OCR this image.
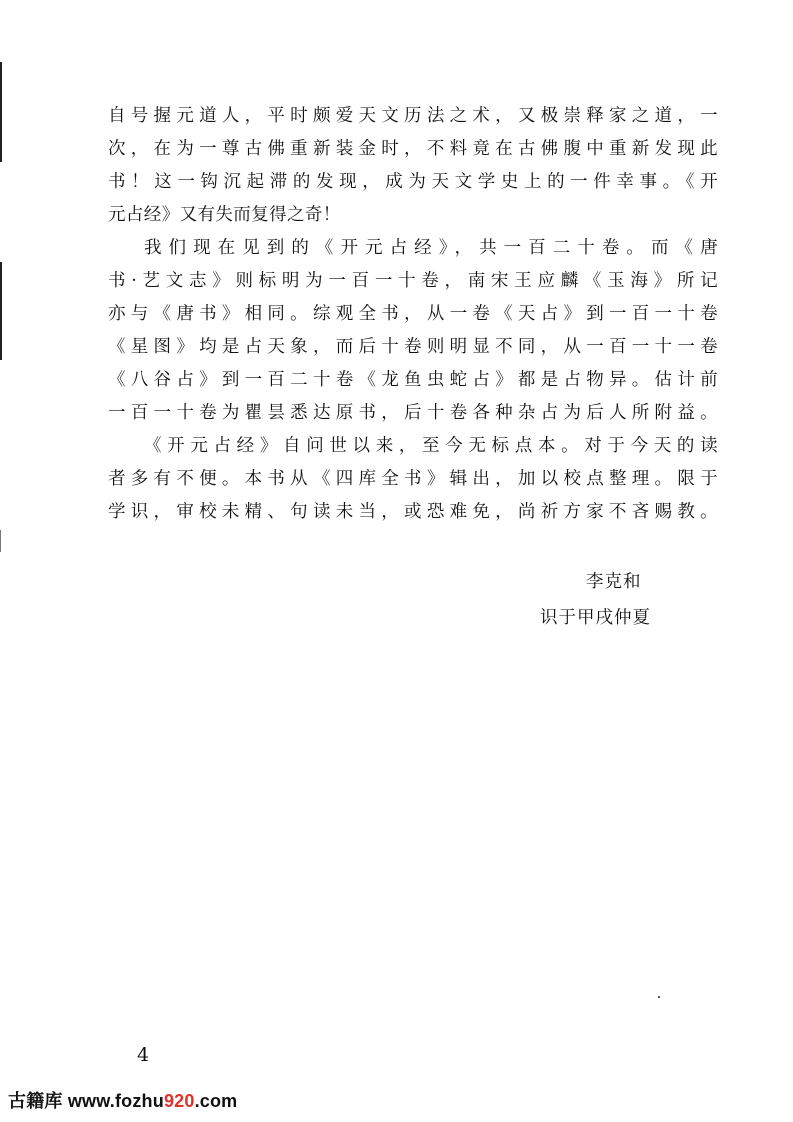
自号握元道人，平时颇爱天文历法之术，又极崇释家之道，一
次，在为一尊古佛重新装金时，不料竟在古佛腹中重新发现此
书！这一钩沉起滞的发现，成为天文学史上的一件幸事。《开
元占经》又有失而复得之奇！
我们现在见到的《开元占经》，共一百二十卷。而《唐
书·艺文志》则标明为一百一十卷，南宋王应麟《玉海》所记
亦与《唐书》相同。综观全书，从一卷《天占》到一百一十卷
《星图》均是占天象，而后十卷则明显不同，从一百一十一卷
《八谷占》到一百二十卷《龙鱼虫蛇占》都是占物异。估计前
一百一十卷为瞿昙悉达原书，后十卷各种杂占为后人所附益。
《开元占经》自问世以来，至今无标点本。对于今天的读
者多有不便。本书从《四库全书》辑出，加以校点整理。限于
学识，审校未精、句读未当，或恐难免，尚祈方家不吝赐教。
李克和
识于甲戌仲夏
4
古籍库 www.fozhu920.com
